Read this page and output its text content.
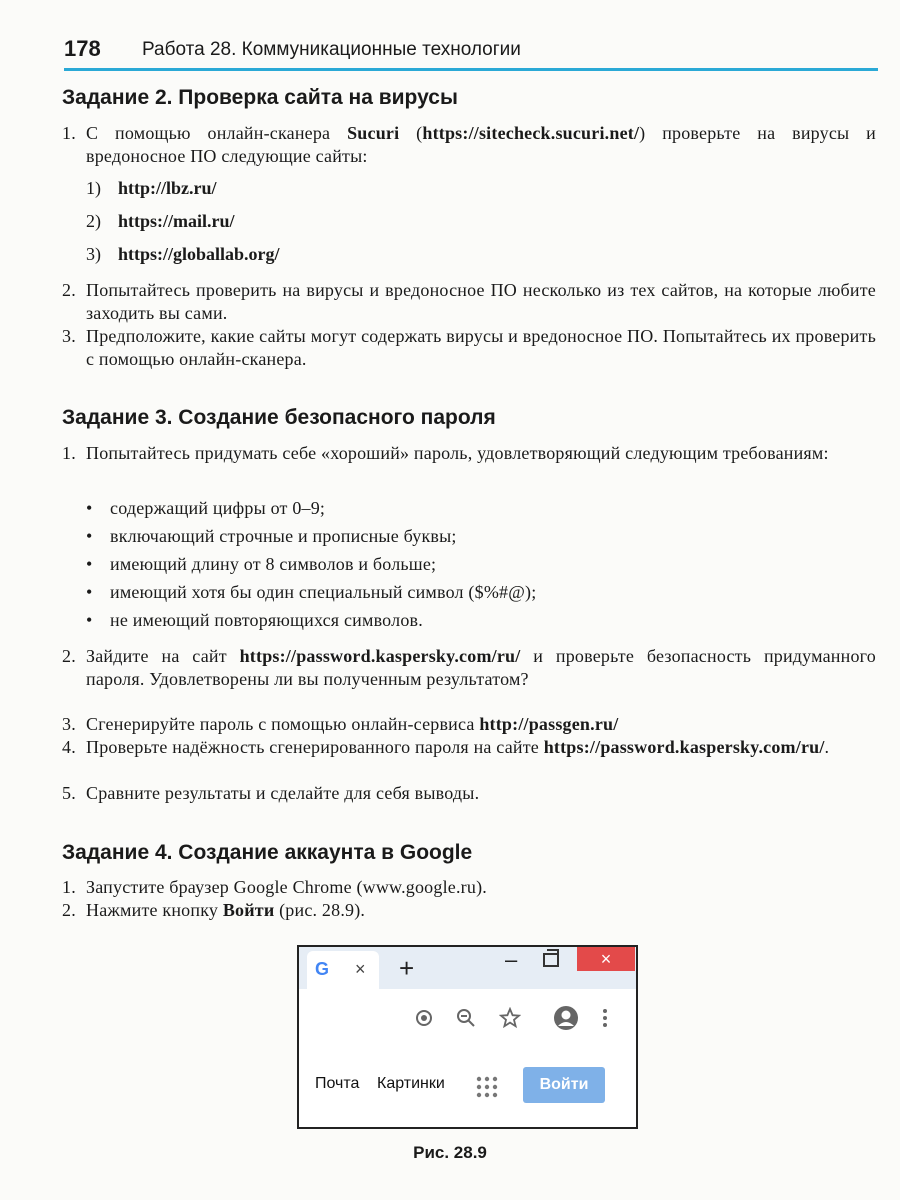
178 Работа 28. Коммуникационные технологии
Задание 2. Проверка сайта на вирусы
1. С помощью онлайн-сканера Sucuri (https://sitecheck.sucuri.net/) проверьте на вирусы и вредоносное ПО следующие сайты:
1) http://lbz.ru/
2) https://mail.ru/
3) https://globallab.org/
2. Попытайтесь проверить на вирусы и вредоносное ПО несколько из тех сайтов, на которые любите заходить вы сами.
3. Предположите, какие сайты могут содержать вирусы и вредоносное ПО. Попытайтесь их проверить с помощью онлайн-сканера.
Задание 3. Создание безопасного пароля
1. Попытайтесь придумать себе «хороший» пароль, удовлетворяющий следующим требованиям:
• содержащий цифры от 0–9;
• включающий строчные и прописные буквы;
• имеющий длину от 8 символов и больше;
• имеющий хотя бы один специальный символ ($%#@);
• не имеющий повторяющихся символов.
2. Зайдите на сайт https://password.kaspersky.com/ru/ и проверьте безопасность придуманного пароля. Удовлетворены ли вы полученным результатом?
3. Сгенерируйте пароль с помощью онлайн-сервиса http://passgen.ru/
4. Проверьте надёжность сгенерированного пароля на сайте https://password.kaspersky.com/ru/.
5. Сравните результаты и сделайте для себя выводы.
Задание 4. Создание аккаунта в Google
1. Запустите браузер Google Chrome (www.google.ru).
2. Нажмите кнопку Войти (рис. 28.9).
G × +	–	×
Почта Картинки	Войти
Рис. 28.9
